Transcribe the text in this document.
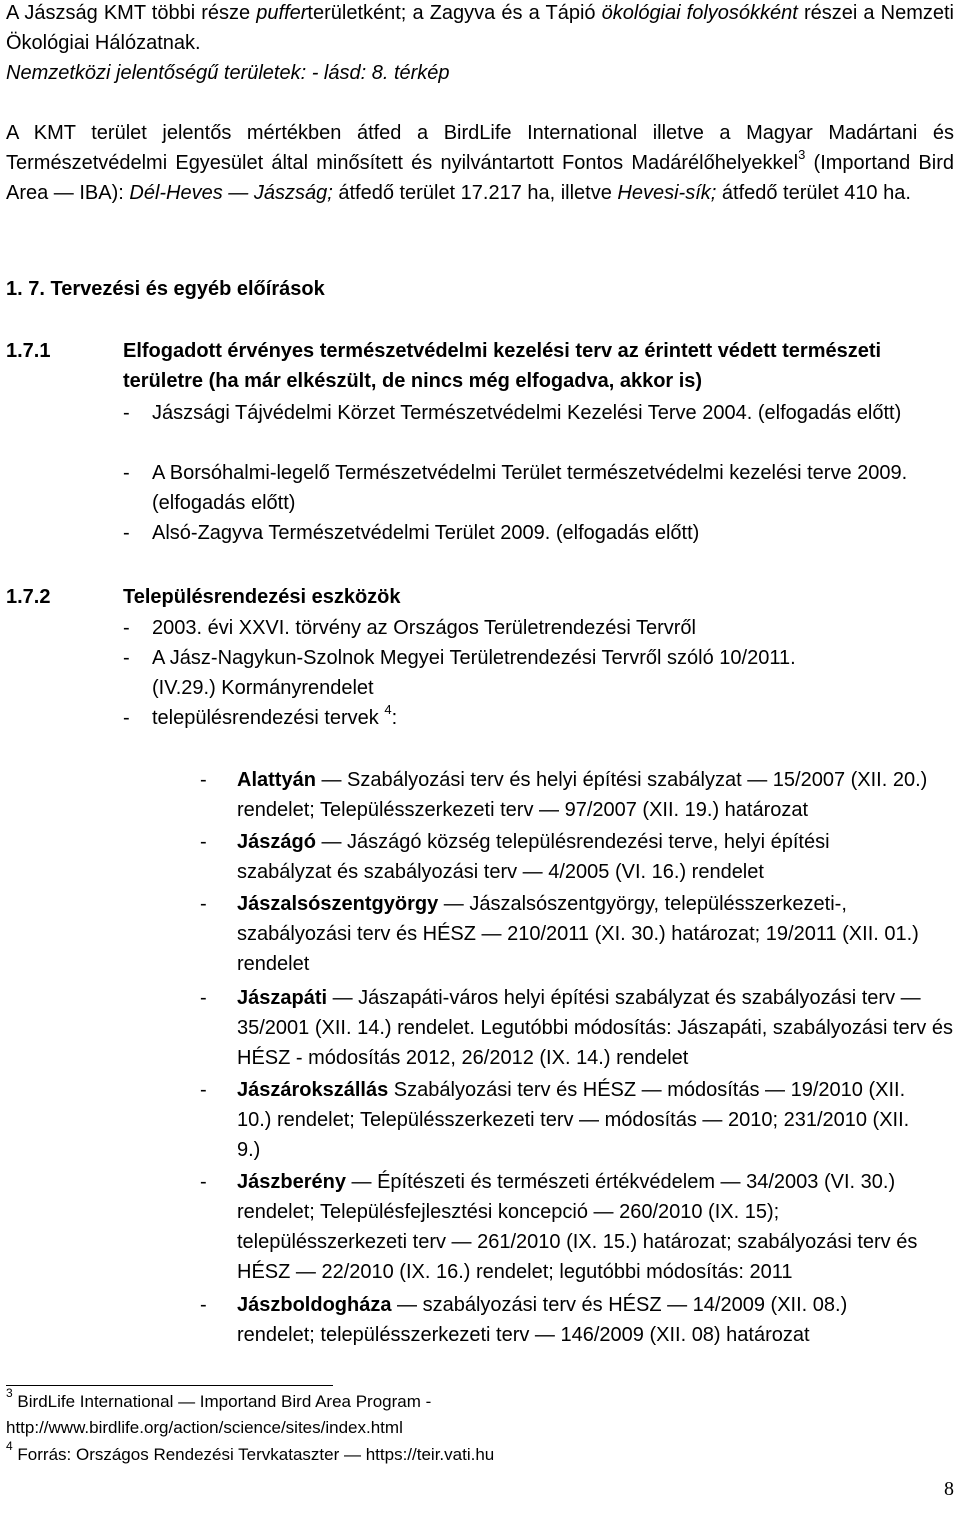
A Jászság KMT többi része pufferterületként; a Zagyva és a Tápió ökológiai folyosókként részei a Nemzeti Ökológiai Hálózatnak.
Nemzetközi jelentőségű területek: - lásd: 8. térkép

A KMT terület jelentős mértékben átfed a BirdLife International illetve a Magyar Madártani és Természetvédelmi Egyesület által minősített és nyilvántartott Fontos Madárélőhelyekkel$^3$ (Importand Bird Area — IBA): Dél-Heves — Jászság; átfedő terület 17.217 ha, illetve Hevesi-sík; átfedő terület 410 ha.

1. 7. Tervezési és egyéb előírások
1.7.1	Elfogadott érvényes természetvédelmi kezelési terv az érintett védett természeti területre (ha már elkészült, de nincs még elfogadva, akkor is)
- Jászsági Tájvédelmi Körzet Természetvédelmi Kezelési Terve 2004. (elfogadás előtt)
- A Borsóhalmi-legelő Természetvédelmi Terület természetvédelmi kezelési terve 2009. (elfogadás előtt)
- Alsó-Zagyva Természetvédelmi Terület 2009. (elfogadás előtt)
1.7.2	Településrendezési eszközök
- 2003. évi XXVI. törvény az Országos Területrendezési Tervről
- A Jász-Nagykun-Szolnok Megyei Területrendezési Tervről szóló 10/2011.(IV.29.) Kormányrendelet
- településrendezési tervek $^4$:
- Alattyán — Szabályozási terv és helyi építési szabályzat — 15/2007 (XII. 20.) rendelet; Településszerkezeti terv — 97/2007 (XII. 19.) határozat
- Jászágó — Jászágó község településrendezési terve, helyi építési szabályzat és szabályozási terv — 4/2005 (VI. 16.) rendelet
- Jászalsószentgyörgy — Jászalsószentgyörgy, településszerkezeti-, szabályozási terv és HÉSZ — 210/2011 (XI. 30.) határozat; 19/2011 (XII. 01.) rendelet
- Jászapáti — Jászapáti-város helyi építési szabályzat és szabályozási terv — 35/2001 (XII. 14.) rendelet. Legutóbbi módosítás: Jászapáti, szabályozási terv és HÉSZ - módosítás 2012, 26/2012 (IX. 14.) rendelet
- Jászárokszállás Szabályozási terv és HÉSZ — módosítás — 19/2010 (XII. 10.) rendelet; Településszerkezeti terv — módosítás — 2010; 231/2010 (XII. 9.)
- Jászberény — Építészeti és természeti értékvédelem — 34/2003 (VI. 30.) rendelet; Településfejlesztési koncepció — 260/2010 (IX. 15); településszerkezeti terv — 261/2010 (IX. 15.) határozat; szabályozási terv és HÉSZ — 22/2010 (IX. 16.) rendelet; legutóbbi módosítás: 2011
- Jászboldogháza — szabályozási terv és HÉSZ — 14/2009 (XII. 08.) rendelet; településszerkezeti terv — 146/2009 (XII. 08) határozat
$^3$ BirdLife International — Importand Bird Area Program -
http://www.birdlife.org/action/science/sites/index.html
$^4$ Forrás: Országos Rendezési Tervkataszter — https://teir.vati.hu
8
